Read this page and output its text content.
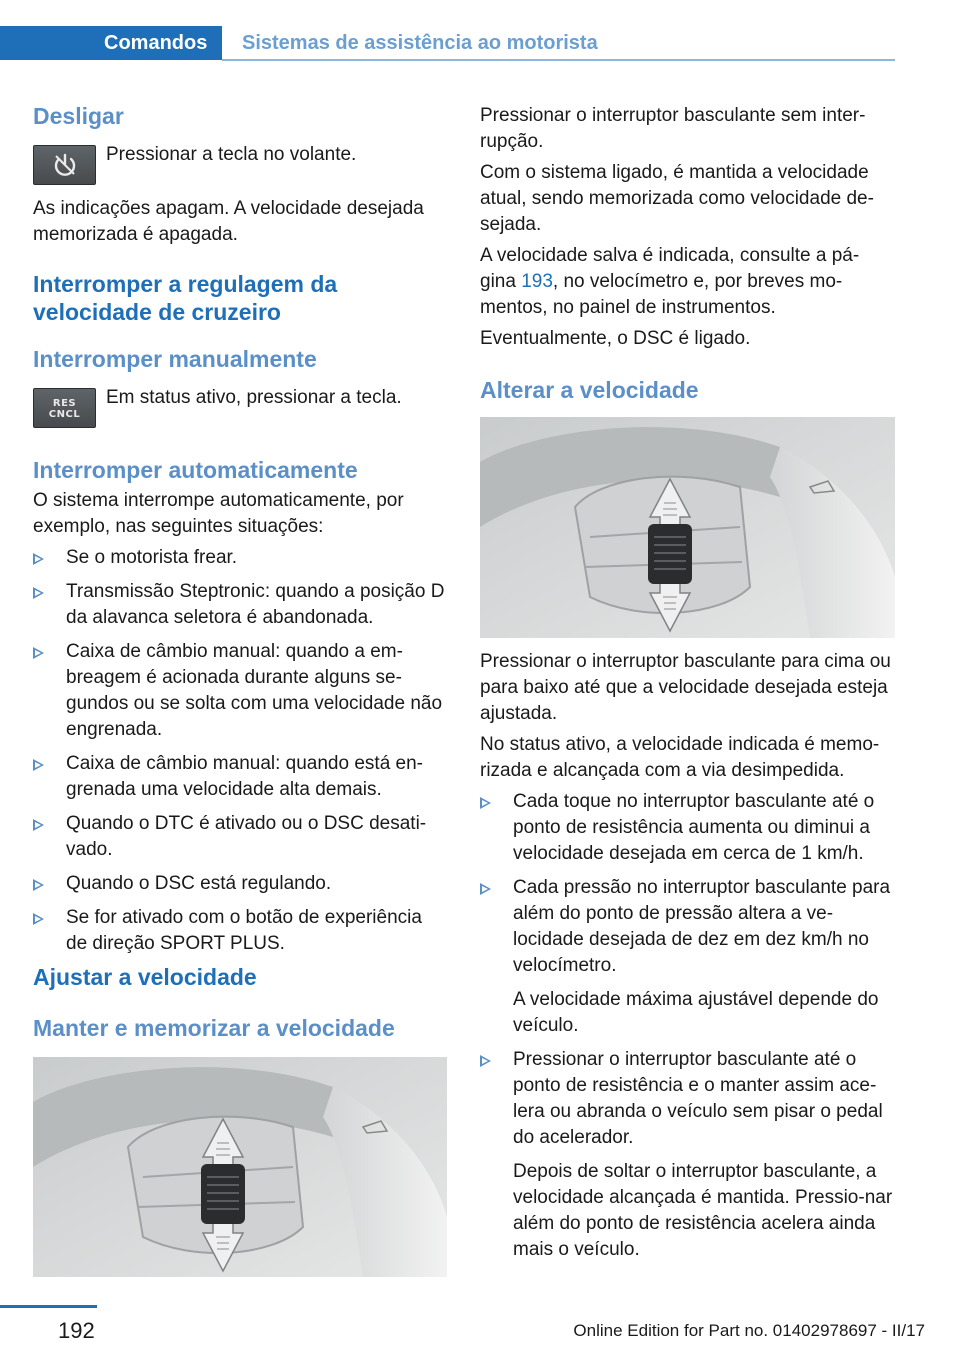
Comandos	Sistemas de assistência ao motorista
Desligar

Pressionar a tecla no volante.

As indicações apagam. A velocidade desejada memorizada é apagada.

Interromper a regulagem da velocidade de cruzeiro
Interromper manualmente
RES
CNCL

Em status ativo, pressionar a tecla.

Interromper automaticamente

O sistema interrompe automaticamente, por exemplo, nas seguintes situações:

Se o motorista frear.
Transmissão Steptronic: quando a posição D da alavanca seletora é abandonada.
Caixa de câmbio manual: quando a em-breagem é acionada durante alguns se-gundos ou se solta com uma velocidade não engrenada.
Caixa de câmbio manual: quando está en-grenada uma velocidade alta demais.
Quando o DTC é ativado ou o DSC desati-vado.
Quando o DSC está regulando.
Se for ativado com o botão de experiência de direção SPORT PLUS.
Ajustar a velocidade
Manter e memorizar a velocidade

Pressionar o interruptor basculante sem inter-rupção.

Com o sistema ligado, é mantida a velocidade atual, sendo memorizada como velocidade de-sejada.

A velocidade salva é indicada, consulte a pá-gina 193, no velocímetro e, por breves mo-mentos, no painel de instrumentos.

Eventualmente, o DSC é ligado.

Alterar a velocidade

Pressionar o interruptor basculante para cima ou para baixo até que a velocidade desejada esteja ajustada.

No status ativo, a velocidade indicada é memo-rizada e alcançada com a via desimpedida.

Cada toque no interruptor basculante até o ponto de resistência aumenta ou diminui a velocidade desejada em cerca de 1 km/h.
Cada pressão no interruptor basculante para além do ponto de pressão altera a ve-locidade desejada de dez em dez km/h no velocímetro.
A velocidade máxima ajustável depende do veículo.
Pressionar o interruptor basculante até o ponto de resistência e o manter assim ace-lera ou abranda o veículo sem pisar o pedal do acelerador.
Depois de soltar o interruptor basculante, a velocidade alcançada é mantida. Pressio-nar além do ponto de resistência acelera ainda mais o veículo.
192	Online Edition for Part no. 01402978697 - II/17
